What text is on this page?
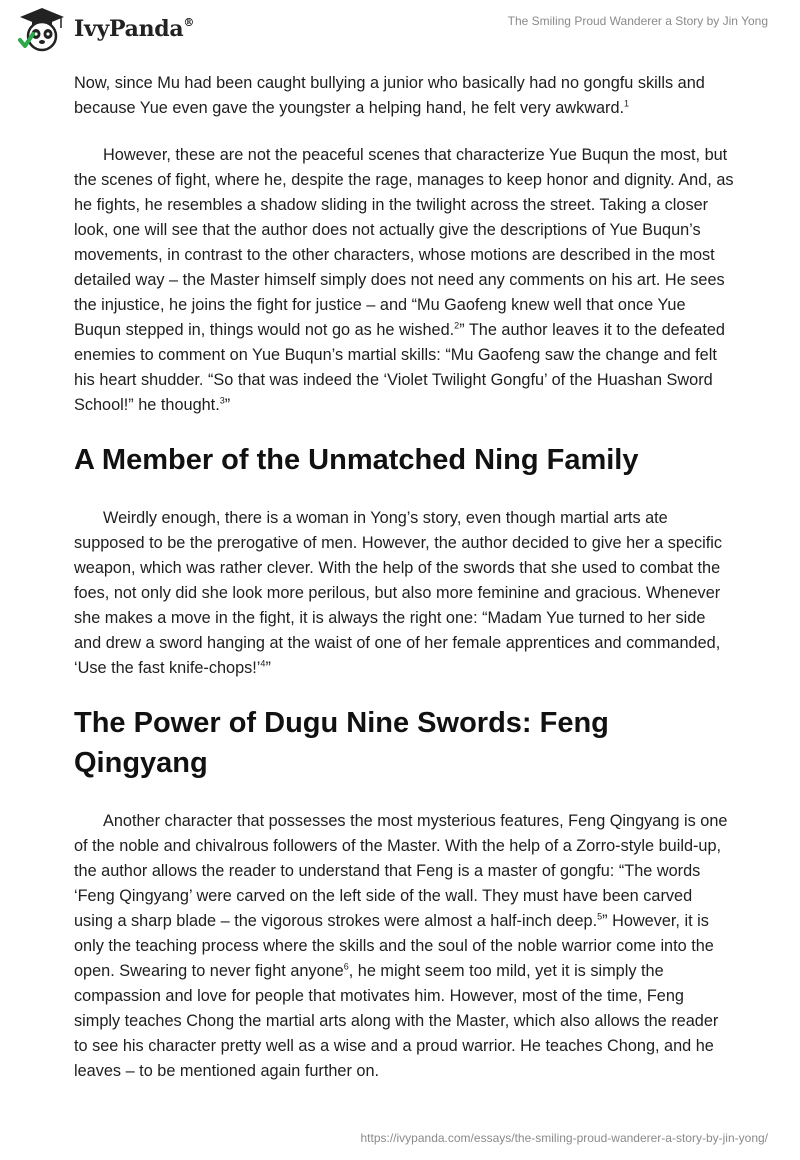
IvyPanda®	The Smiling Proud Wanderer a Story by Jin Yong

Now, since Mu had been caught bullying a junior who basically had no gongfu skills and because Yue even gave the youngster a helping hand, he felt very awkward.$^1$

However, these are not the peaceful scenes that characterize Yue Buqun the most, but the scenes of fight, where he, despite the rage, manages to keep honor and dignity. And, as he fights, he resembles a shadow sliding in the twilight across the street. Taking a closer look, one will see that the author does not actually give the descriptions of Yue Buqun’s movements, in contrast to the other characters, whose motions are described in the most detailed way – the Master himself simply does not need any comments on his art. He sees the injustice, he joins the fight for justice – and “Mu Gaofeng knew well that once Yue Buqun stepped in, things would not go as he wished.$^2$” The author leaves it to the defeated enemies to comment on Yue Buqun’s martial skills: “Mu Gaofeng saw the change and felt his heart shudder. “So that was indeed the ‘Violet Twilight Gongfu’ of the Huashan Sword School!” he thought.$^3$”

A Member of the Unmatched Ning Family

Weirdly enough, there is a woman in Yong’s story, even though martial arts ate supposed to be the prerogative of men. However, the author decided to give her a specific weapon, which was rather clever. With the help of the swords that she used to combat the foes, not only did she look more perilous, but also more feminine and gracious. Whenever she makes a move in the fight, it is always the right one: “Madam Yue turned to her side and drew a sword hanging at the waist of one of her female apprentices and commanded, ‘Use the fast knife-chops!’$^4$”

The Power of Dugu Nine Swords: Feng Qingyang

Another character that possesses the most mysterious features, Feng Qingyang is one of the noble and chivalrous followers of the Master. With the help of a Zorro-style build-up, the author allows the reader to understand that Feng is a master of gongfu: “The words ‘Feng Qingyang’ were carved on the left side of the wall. They must have been carved using a sharp blade – the vigorous strokes were almost a half-inch deep.$^5$” However, it is only the teaching process where the skills and the soul of the noble warrior come into the open. Swearing to never fight anyone$^6$, he might seem too mild, yet it is simply the compassion and love for people that motivates him. However, most of the time, Feng simply teaches Chong the martial arts along with the Master, which also allows the reader to see his character pretty well as a wise and a proud warrior. He teaches Chong, and he leaves – to be mentioned again further on.

https://ivypanda.com/essays/the-smiling-proud-wanderer-a-story-by-jin-yong/
